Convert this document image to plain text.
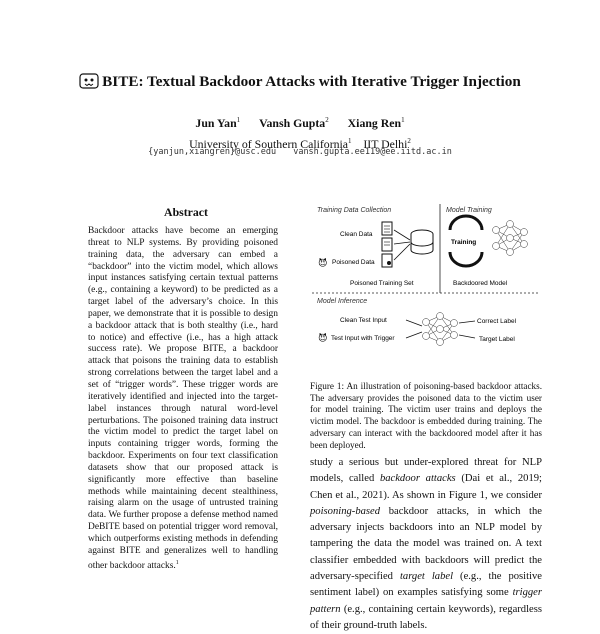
BITE: Textual Backdoor Attacks with Iterative Trigger Injection
Jun Yan$^1$ Vansh Gupta$^2$ Xiang Ren$^1$
University of Southern California$^1$ IIT Delhi$^2$
{yanjun,xiangren}@usc.edu vansh.gupta.ee119@ee.iitd.ac.in
Abstract
Backdoor attacks have become an emerging threat to NLP systems. By providing poisoned training data, the adversary can embed a “backdoor” into the victim model, which allows input instances satisfying certain textual patterns (e.g., containing a keyword) to be predicted as a target label of the adversary’s choice. In this paper, we demonstrate that it is possible to design a backdoor attack that is both stealthy (i.e., hard to notice) and effective (i.e., has a high attack success rate). We propose BITE, a backdoor attack that poisons the training data to establish strong correlations between the target label and a set of “trigger words”. These trigger words are iteratively identified and injected into the target-label instances through natural word-level perturbations. The poisoned training data instruct the victim model to predict the target label on inputs containing trigger words, forming the backdoor. Experiments on four text classification datasets show that our proposed attack is significantly more effective than baseline methods while maintaining decent stealthiness, raising alarm on the usage of untrusted training data. We further propose a defense method named DeBITE based on potential trigger word removal, which outperforms existing methods in defending against BITE and generalizes well to handling other backdoor attacks.$^1$
Training Data Collection	Model Training
Clean Data
😈 Poisoned Data
Poisoned Training Set
Training
Backdoored Model
Model Inference
Clean Test Input
😈 Test Input with Trigger
Correct Label
Target Label
Figure 1: An illustration of poisoning-based backdoor attacks. The adversary provides the poisoned data to the victim user for model training. The victim user trains and deploys the victim model. The backdoor is embedded during training. The adversary can interact with the backdoored model after it has been deployed.
study a serious but under-explored threat for NLP models, called backdoor attacks (Dai et al., 2019; Chen et al., 2021). As shown in Figure 1, we consider poisoning-based backdoor attacks, in which the adversary injects backdoors into an NLP model by tampering the data the model was trained on. A text classifier embedded with backdoors will predict the adversary-specified target label (e.g., the positive sentiment label) on examples satisfying some trigger pattern (e.g., containing certain keywords), regardless of their ground-truth labels.
